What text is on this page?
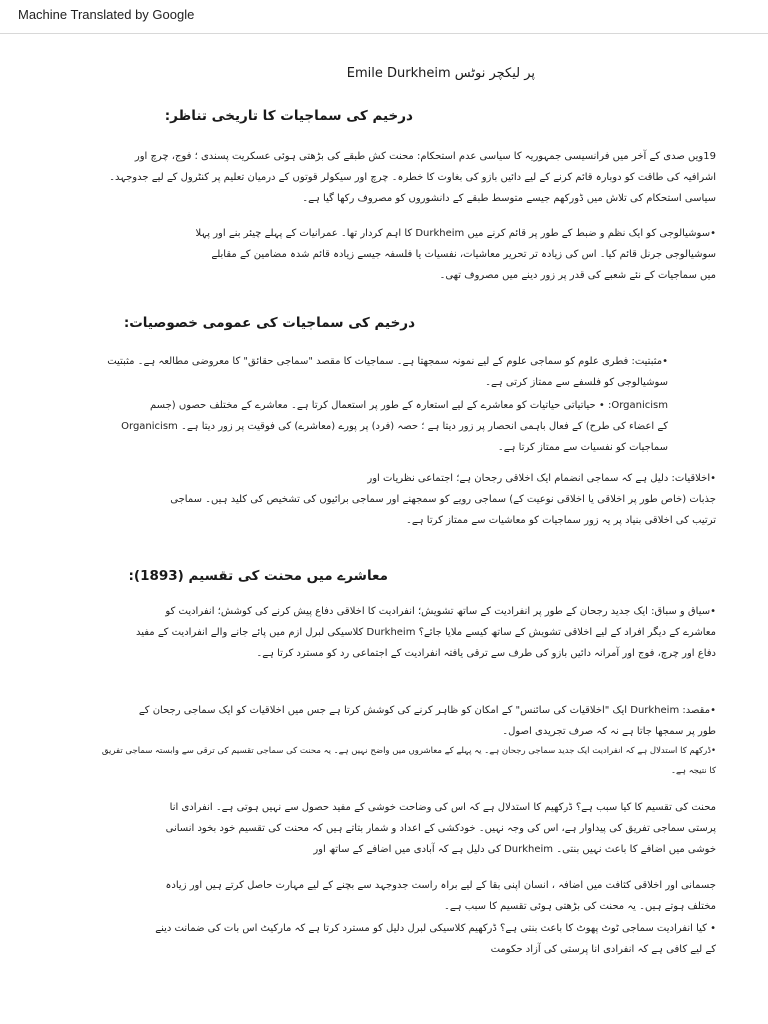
Machine Translated by Google
پر لیکچر نوٹس Emile Durkheim
درخیم کی سماجیات کا تاریخی تناظر:
19ویں صدی کے آخر میں فرانسیسی جمہوریہ کا سیاسی عدم استحکام: محنت کش طبقے کی بڑھتی ہوئی عسکریت پسندی ؛ فوج، چرچ اور
اشرافیہ کی طاقت کو دوبارہ قائم کرنے کے لیے دائیں بازو کی بغاوت کا خطرہ۔ چرچ اور سیکولر قوتوں کے درمیان تعلیم پر کنٹرول کے لیے جدوجہد۔
سیاسی استحکام کی تلاش میں ڈورکھم جیسے متوسط طبقے کے دانشوروں کو مصروف رکھا گیا ہے۔
•سوشیالوجی کو ایک نظم و ضبط کے طور پر قائم کرنے میں Durkheim کا اہم کردار تھا۔ عمرانیات کے پہلے چیئر بنے اور پہلا
سوشیالوجی جرنل قائم کیا۔ اس کی زیادہ تر تحریر معاشیات، نفسیات یا فلسفہ جیسے زیادہ قائم شدہ مضامین کے مقابلے
میں سماجیات کے نئے شعبے کی قدر پر زور دینے میں مصروف تھی۔
درخیم کی سماجیات کی عمومی خصوصیات:
•مثبتیت: فطری علوم کو سماجی علوم کے لیے نمونہ سمجھتا ہے۔ سماجیات کا مقصد "سماجی حقائق" کا معروضی مطالعہ ہے۔ مثبتیت
سوشیالوجی کو فلسفے سے ممتاز کرتی ہے۔
Organicism: • حیاتیاتی حیاتیات کو معاشرے کے لیے استعارہ کے طور پر استعمال کرتا ہے۔ معاشرے کے مختلف حصوں (جسم
کے اعضاء کی طرح) کے فعال باہمی انحصار پر زور دیتا ہے ؛ حصہ (فرد) پر پورے (معاشرے) کی فوقیت پر زور دیتا ہے۔ Organicism
سماجیات کو نفسیات سے ممتاز کرتا ہے۔
•اخلاقیات: دلیل ہے کہ سماجی انضمام ایک اخلاقی رجحان ہے؛ اجتماعی نظریات اور
جذبات (خاص طور پر اخلاقی یا اخلاقی نوعیت کے) سماجی رویے کو سمجھنے اور سماجی برائیوں کی تشخیص کی کلید ہیں۔ سماجی
ترتیب کی اخلاقی بنیاد پر یہ زور سماجیات کو معاشیات سے ممتاز کرتا ہے۔
معاشرے میں محنت کی تقسیم (1893):
•سیاق و سباق: ایک جدید رجحان کے طور پر انفرادیت کے ساتھ تشویش؛ انفرادیت کا اخلاقی دفاع پیش کرنے کی کوشش؛ انفرادیت کو
معاشرے کے دیگر افراد کے لیے اخلاقی تشویش کے ساتھ کیسے ملایا جائے؟ Durkheim کلاسیکی لبرل ازم میں پائے جانے والے انفرادیت کے مفید
دفاع اور چرچ، فوج اور آمرانہ دائیں بازو کی طرف سے ترقی یافتہ انفرادیت کے اجتماعی رد کو مسترد کرتا ہے۔
•مقصد: Durkheim ایک "اخلاقیات کی سائنس" کے امکان کو ظاہر کرنے کی کوشش کرتا ہے جس میں اخلاقیات کو ایک سماجی رجحان کے
طور پر سمجھا جاتا ہے نہ کہ صرف تجریدی اصول۔
•ڈرکھم کا استدلال ہے کہ انفرادیت ایک جدید سماجی رجحان ہے۔ یہ پہلے کے معاشروں میں واضح نہیں ہے۔ یہ محنت کی سماجی تقسیم کی ترقی سے وابستہ سماجی تفریق
کا نتیجہ ہے۔
محنت کی تقسیم کا کیا سبب ہے؟ ڈرکھیم کا استدلال ہے کہ اس کی وضاحت خوشی کے مفید حصول سے نہیں ہوتی ہے۔ انفرادی انا
پرستی سماجی تفریق کی پیداوار ہے، اس کی وجہ نہیں۔ خودکشی کے اعداد و شمار بتاتے ہیں کہ محنت کی تقسیم خود بخود انسانی
خوشی میں اضافے کا باعث نہیں بنتی۔ Durkheim کی دلیل ہے کہ آبادی میں اضافے کے ساتھ اور
جسمانی اور اخلاقی کثافت میں اضافہ ، انسان اپنی بقا کے لیے براہ راست جدوجہد سے بچنے کے لیے مہارت حاصل کرتے ہیں اور زیادہ
مختلف ہوتے ہیں۔ یہ محنت کی بڑھتی ہوئی تقسیم کا سبب ہے۔
• کیا انفرادیت سماجی ٹوٹ پھوٹ کا باعث بنتی ہے؟ ڈرکھیم کلاسیکی لبرل دلیل کو مسترد کرتا ہے کہ مارکیٹ اس بات کی ضمانت دینے
کے لیے کافی ہے کہ انفرادی انا پرستی کی آزاد حکومت
